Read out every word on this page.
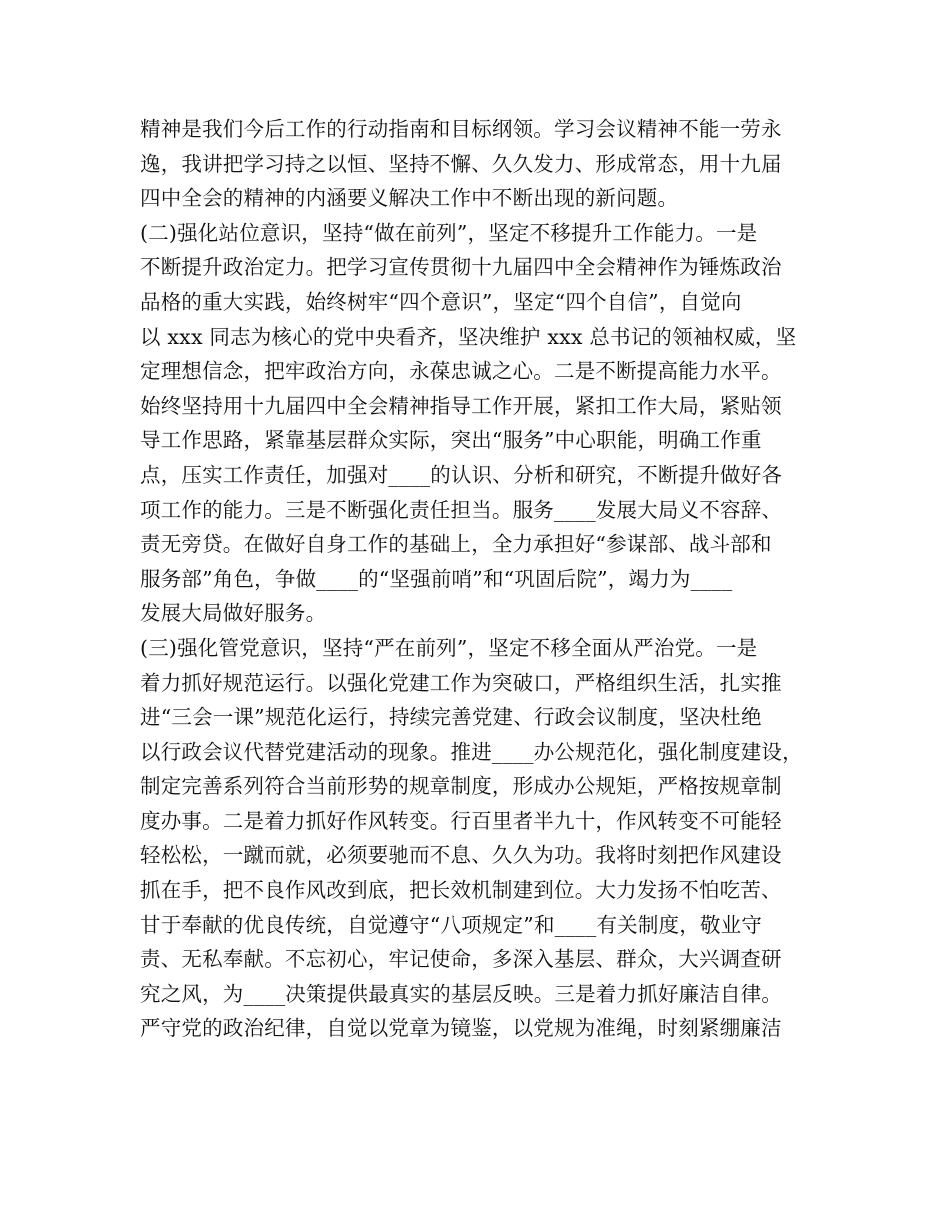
精神是我们今后工作的行动指南和目标纲领。学习会议精神不能一劳永
逸，我讲把学习持之以恒、坚持不懈、久久发力、形成常态，用十九届
四中全会的精神的内涵要义解决工作中不断出现的新问题。
(二)强化站位意识，坚持“做在前列”，坚定不移提升工作能力。一是
不断提升政治定力。把学习宣传贯彻十九届四中全会精神作为锤炼政治
品格的重大实践，始终树牢“四个意识”，坚定“四个自信”，自觉向
以 xxx 同志为核心的党中央看齐，坚决维护 xxx 总书记的领袖权威，坚
定理想信念，把牢政治方向，永葆忠诚之心。二是不断提高能力水平。
始终坚持用十九届四中全会精神指导工作开展，紧扣工作大局，紧贴领
导工作思路，紧靠基层群众实际，突出“服务”中心职能，明确工作重
点，压实工作责任，加强对____的认识、分析和研究，不断提升做好各
项工作的能力。三是不断强化责任担当。服务____发展大局义不容辞、
责无旁贷。在做好自身工作的基础上，全力承担好“参谋部、战斗部和
服务部”角色，争做____的“坚强前哨”和“巩固后院”，竭力为____
发展大局做好服务。
(三)强化管党意识，坚持“严在前列”，坚定不移全面从严治党。一是
着力抓好规范运行。以强化党建工作为突破口，严格组织生活，扎实推
进“三会一课”规范化运行，持续完善党建、行政会议制度，坚决杜绝
以行政会议代替党建活动的现象。推进____办公规范化，强化制度建设，
制定完善系列符合当前形势的规章制度，形成办公规矩，严格按规章制
度办事。二是着力抓好作风转变。行百里者半九十，作风转变不可能轻
轻松松，一蹴而就，必须要驰而不息、久久为功。我将时刻把作风建设
抓在手，把不良作风改到底，把长效机制建到位。大力发扬不怕吃苦、
甘于奉献的优良传统，自觉遵守“八项规定”和____有关制度，敬业守
责、无私奉献。不忘初心，牢记使命，多深入基层、群众，大兴调查研
究之风，为____决策提供最真实的基层反映。三是着力抓好廉洁自律。
严守党的政治纪律，自觉以党章为镜鉴，以党规为准绳，时刻紧绷廉洁
